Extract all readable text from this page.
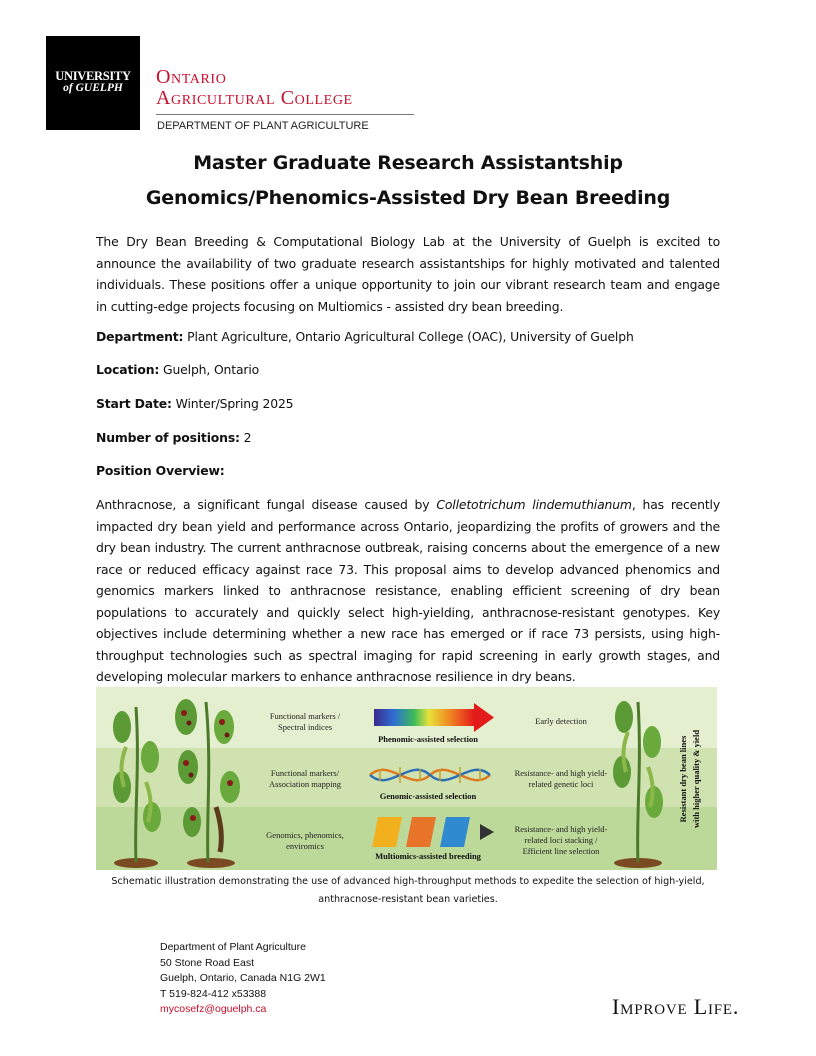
UNIVERSITY
of GUELPH	Ontario
Agricultural College
DEPARTMENT OF PLANT AGRICULTURE
Master Graduate Research Assistantship
Genomics/Phenomics-Assisted Dry Bean Breeding

The Dry Bean Breeding & Computational Biology Lab at the University of Guelph is excited to announce the availability of two graduate research assistantships for highly motivated and talented individuals. These positions offer a unique opportunity to join our vibrant research team and engage in cutting-edge projects focusing on Multiomics - assisted dry bean breeding.

Department: Plant Agriculture, Ontario Agricultural College (OAC), University of Guelph

Location: Guelph, Ontario

Start Date: Winter/Spring 2025

Number of positions: 2

Position Overview:

Anthracnose, a significant fungal disease caused by Colletotrichum lindemuthianum, has recently impacted dry bean yield and performance across Ontario, jeopardizing the profits of growers and the dry bean industry. The current anthracnose outbreak, raising concerns about the emergence of a new race or reduced efficacy against race 73. This proposal aims to develop advanced phenomics and genomics markers linked to anthracnose resistance, enabling efficient screening of dry bean populations to accurately and quickly select high-yielding, anthracnose-resistant genotypes. Key objectives include determining whether a new race has emerged or if race 73 persists, using high-throughput technologies such as spectral imaging for rapid screening in early growth stages, and developing molecular markers to enhance anthracnose resilience in dry beans.

Functional markers /
Spectral indices
Functional markers/
Association mapping
Genomics, phenomics,
enviromics
Early detection
Resistance- and high yield-
related genetic loci
Resistance- and high yield-
related loci stacking /
Efficient line selection
Phenomic-assisted selection
Genomic-assisted selection
Multiomics-assisted breeding
Resistant dry bean lines with higher quality & yield
Schematic illustration demonstrating the use of advanced high-throughput methods to expedite the selection of high-yield, anthracnose-resistant bean varieties.
Department of Plant Agriculture
50 Stone Road East
Guelph, Ontario, Canada N1G 2W1
T 519-824-412 x53388
mycosefz@oguelph.ca	Improve Life.
